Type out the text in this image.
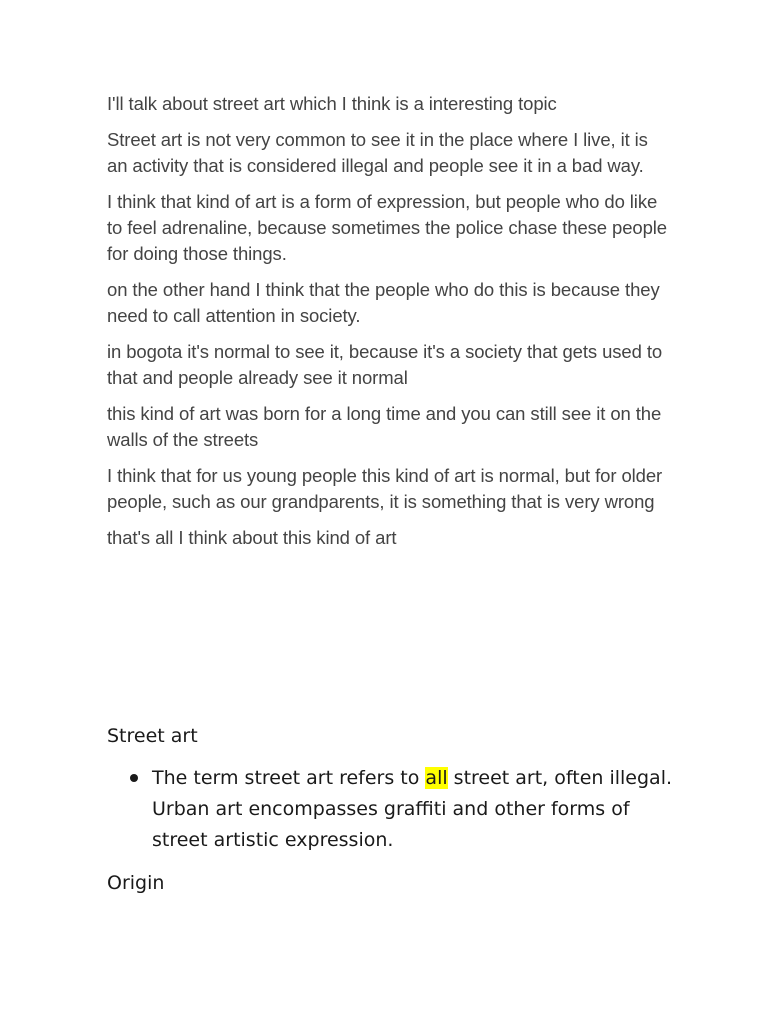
I'll talk about street art which I think is a interesting topic

Street art is not very common to see it in the place where I live, it is an activity that is considered illegal and people see it in a bad way.

I think that kind of art is a form of expression, but people who do like to feel adrenaline, because sometimes the police chase these people for doing those things.

on the other hand I think that the people who do this is because they need to call attention in society.

in bogota it's normal to see it, because it's a society that gets used to that and people already see it normal

this kind of art was born for a long time and you can still see it on the walls of the streets

I think that for us young people this kind of art is normal, but for older people, such as our grandparents, it is something that is very wrong

that's all I think about this kind of art

Street art
The term street art refers to all street art, often illegal. Urban art encompasses graffiti and other forms of street artistic expression.
Origin
